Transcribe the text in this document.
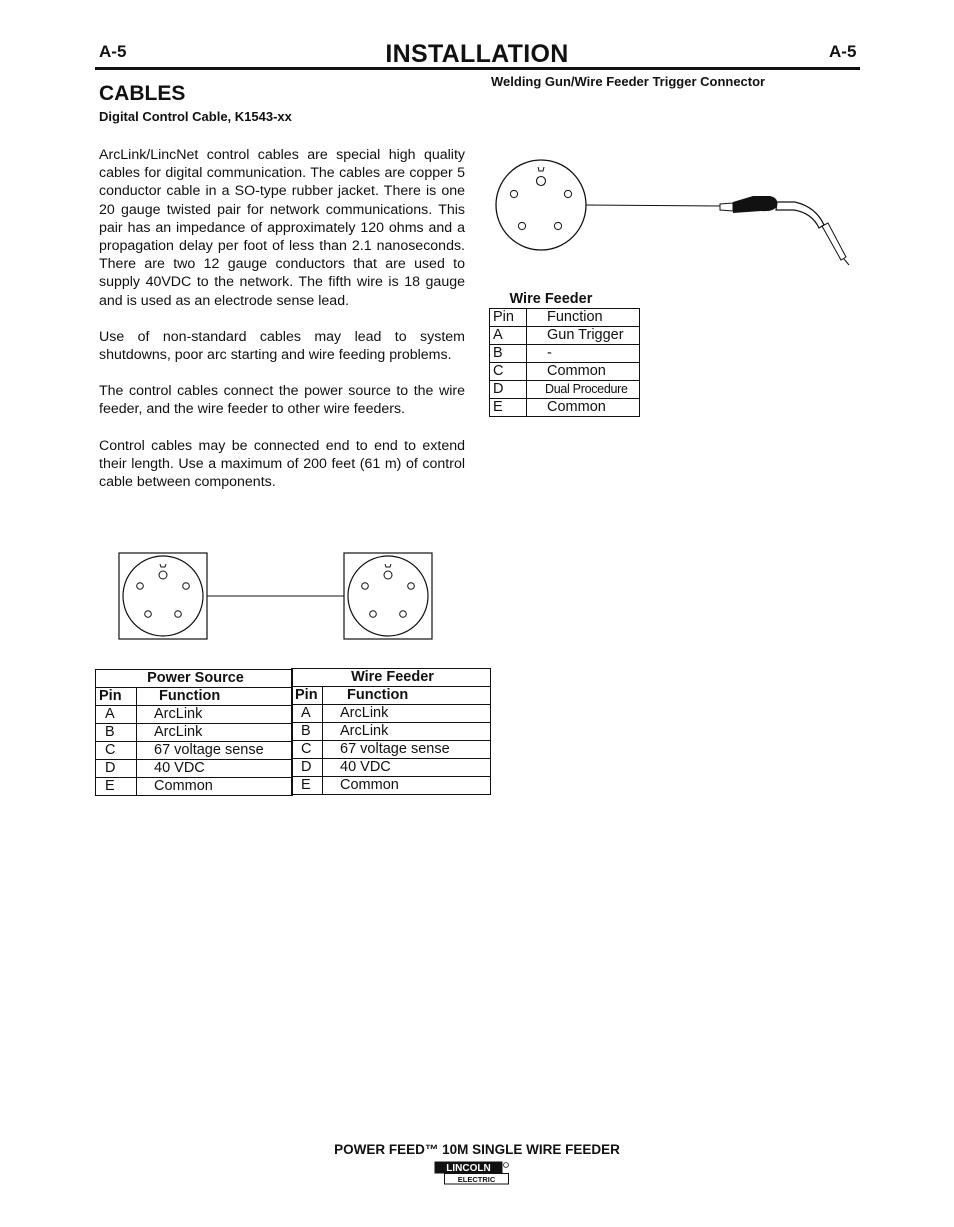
A-5	INSTALLATION	A-5
CABLES
Digital Control Cable, K1543-xx

ArcLink/LincNet control cables are special high quality cables for digital communication. The cables are copper 5 conductor cable in a SO-type rubber jacket. There is one 20 gauge twisted pair for network communications. This pair has an impedance of approximately 120 ohms and a propagation delay per foot of less than 2.1 nanoseconds. There are two 12 gauge conductors that are used to supply 40VDC to the network. The fifth wire is 18 gauge and is used as an electrode sense lead.

Use of non-standard cables may lead to system shutdowns, poor arc starting and wire feeding problems.

The control cables connect the power source to the wire feeder, and the wire feeder to other wire feeders.

Control cables may be connected end to end to extend their length. Use a maximum of 200 feet (61 m) of control cable between components.

Welding Gun/Wire Feeder Trigger Connector
Wire Feeder	
Pin	Function
A	Gun Trigger
B	-
C	Common
D	Dual Procedure
E	Common
Power Source	
Pin	Function
A	ArcLink
B	ArcLink
C	67 voltage sense
D	40 VDC
E	Common
Wire Feeder	
Pin	Function
A	ArcLink
B	ArcLink
C	67 voltage sense
D	40 VDC
E	Common
POWER FEED™ 10M SINGLE WIRE FEEDER
LINCOLN
ELECTRIC
